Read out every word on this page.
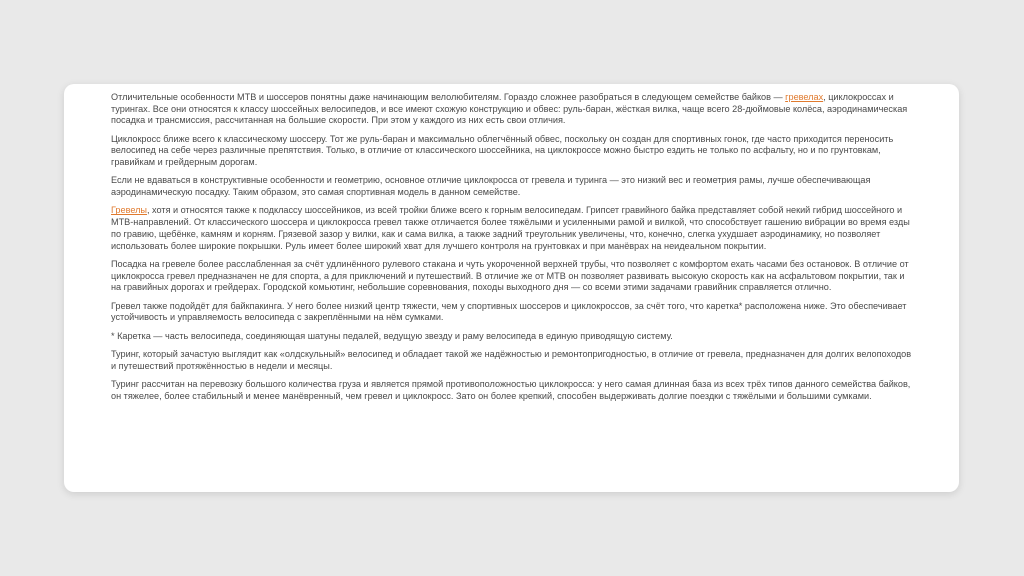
Отличительные особенности МТВ и шоссеров понятны даже начинающим велолюбителям. Гораздо сложнее разобраться в следующем семействе байков — гревелах, циклокроссах и турингах. Все они относятся к классу шоссейных велосипедов, и все имеют схожую конструкцию и обвес: руль-баран, жёсткая вилка, чаще всего 28-дюймовые колёса, аэродинамическая посадка и трансмиссия, рассчитанная на большие скорости. При этом у каждого из них есть свои отличия.

Циклокросс ближе всего к классическому шоссеру. Тот же руль-баран и максимально облегчённый обвес, поскольку он создан для спортивных гонок, где часто приходится переносить велосипед на себе через различные препятствия. Только, в отличие от классического шоссейника, на циклокроссе можно быстро ездить не только по асфальту, но и по грунтовкам, гравийкам и грейдерным дорогам.

Если не вдаваться в конструктивные особенности и геометрию, основное отличие циклокросса от гревела и туринга — это низкий вес и геометрия рамы, лучше обеспечивающая аэродинамическую посадку. Таким образом, это самая спортивная модель в данном семействе.

Гревелы, хотя и относятся также к подклассу шоссейников, из всей тройки ближе всего к горным велосипедам. Грипсет гравийного байка представляет собой некий гибрид шоссейного и МТВ-направлений. От классического шоссера и циклокросса гревел также отличается более тяжёлыми и усиленными рамой и вилкой, что способствует гашению вибрации во время езды по гравию, щебёнке, камням и корням. Грязевой зазор у вилки, как и сама вилка, а также задний треугольник увеличены, что, конечно, слегка ухудшает аэродинамику, но позволяет использовать более широкие покрышки. Руль имеет более широкий хват для лучшего контроля на грунтовках и при манёврах на неидеальном покрытии.

Посадка на гревеле более расслабленная за счёт удлинённого рулевого стакана и чуть укороченной верхней трубы, что позволяет с комфортом ехать часами без остановок. В отличие от циклокросса гревел предназначен не для спорта, а для приключений и путешествий. В отличие же от МТВ он позволяет развивать высокую скорость как на асфальтовом покрытии, так и на гравийных дорогах и грейдерах. Городской комьютинг, небольшие соревнования, походы выходного дня — со всеми этими задачами гравийник справляется отлично.

Гревел также подойдёт для байкпакинга. У него более низкий центр тяжести, чем у спортивных шоссеров и циклокроссов, за счёт того, что каретка* расположена ниже. Это обеспечивает устойчивость и управляемость велосипеда с закреплёнными на нём сумками.

* Каретка — часть велосипеда, соединяющая шатуны педалей, ведущую звезду и раму велосипеда в единую приводящую систему.

Туринг, который зачастую выглядит как «олдскульный» велосипед и обладает такой же надёжностью и ремонтопригодностью, в отличие от гревела, предназначен для долгих велопоходов и путешествий протяжённостью в недели и месяцы.

Туринг рассчитан на перевозку большого количества груза и является прямой противоположностью циклокросса: у него самая длинная база из всех трёх типов данного семейства байков, он тяжелее, более стабильный и менее манёвренный, чем гревел и циклокросс. Зато он более крепкий, способен выдерживать долгие поездки с тяжёлыми и большими сумками.
